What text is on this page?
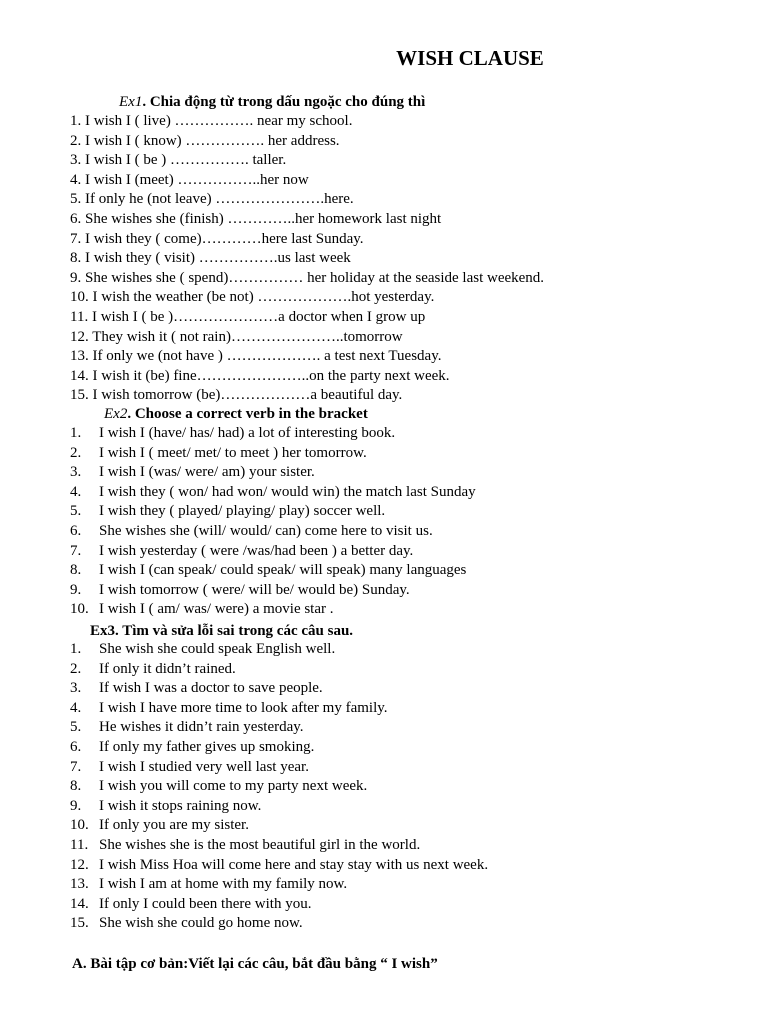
WISH CLAUSE
Ex1. Chia động từ trong dấu ngoặc cho đúng thì
1. I wish I ( live) ……………. near my school.
2. I wish I ( know) ……………. her address.
3. I wish I ( be ) ……………. taller.
4. I wish I (meet) ……………..her now
5. If only he (not leave) ………………….here.
6. She wishes she (finish) …………..her homework last night
7. I wish they ( come)…………here last Sunday.
8. I wish they ( visit) …………….us last week
9. She wishes she ( spend)…………… her holiday at the seaside last weekend.
10. I wish the weather (be not) ……………….hot yesterday.
11. I wish I ( be )…………………a doctor when I grow up
12. They wish it ( not rain)…………………..tomorrow
13. If only we (not have ) ………………. a test next Tuesday.
14. I wish it (be) fine…………………..on the party next week.
15. I wish tomorrow (be)………………a beautiful day.
Ex2. Choose a correct verb in the bracket
1. I wish I (have/ has/ had) a lot of interesting book.
2. I wish I ( meet/ met/ to meet ) her tomorrow.
3. I wish I (was/ were/ am) your sister.
4. I wish they ( won/ had won/ would win) the match last Sunday
5. I wish they ( played/ playing/ play) soccer well.
6. She wishes she (will/ would/ can) come here to visit us.
7. I wish yesterday ( were /was/had been ) a better day.
8. I wish I (can speak/ could speak/ will speak) many languages
9. I wish tomorrow ( were/ will be/ would be) Sunday.
10. I wish I ( am/ was/ were) a movie star .
Ex3. Tìm và sửa lỗi sai trong các câu sau.
1. She wish she could speak English well.
2. If only it didn’t rained.
3. If wish I was a doctor to save people.
4. I wish I have more time to look after my family.
5. He wishes it didn’t rain yesterday.
6. If only my father gives up smoking.
7. I wish I studied very well last year.
8. I wish you will come to my party next week.
9. I wish it stops raining now.
10. If only you are my sister.
11. She wishes she is the most beautiful girl in the world.
12. I wish Miss Hoa will come here and stay stay with us next week.
13. I wish I am at home with my family now.
14. If only I could been there with you.
15. She wish she could go home now.
A. Bài tập cơ bản:Viết lại các câu, bắt đầu bằng “ I wish”
